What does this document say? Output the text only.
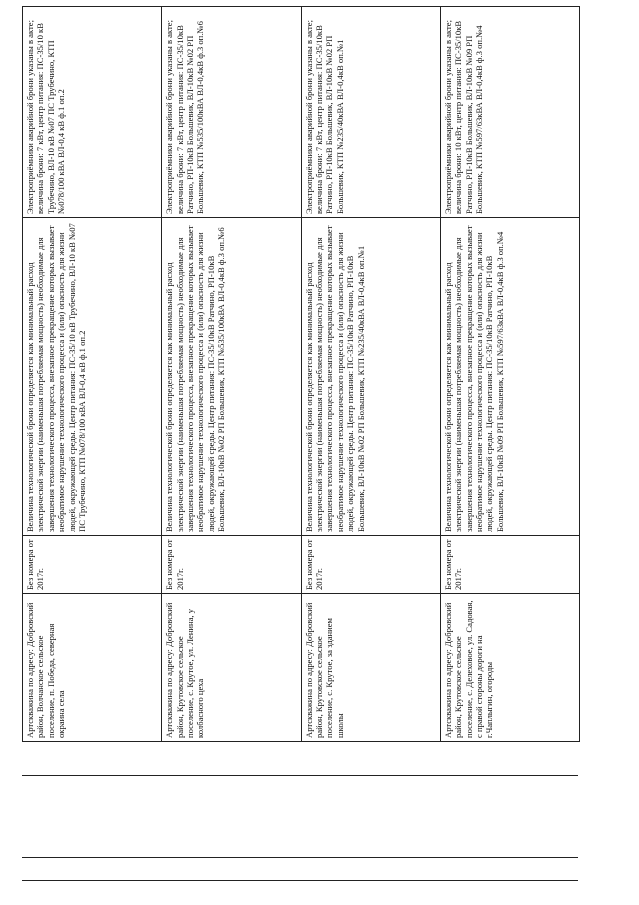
Артскважина по адресу: Добровский район, Волчанское сельское поселение, п. Победа, северная окраина села	Без номера от 2017г.	Величина технологической брони определяется как минимальный расход электрической энергии (наименьшая потребляемая мощность) необходимые для завершения технологического процесса, внезапное прекращение которых вызывает необратимое нарушение технологического процесса и (или) опасность для жизни людей, окружающей среды. Центр питания: ПС-35/10 кВ Трубечино, ВЛ-10 кВ №07 ПС Трубечино, КТП №078/100 кВА ВЛ-0,4 кВ ф.1 оп.2	Электроприёмники аварийной брони указаны в акте; величина брони: 7 кВт, центр питания: ПС-35/10 кВ Трубечино, ВЛ-10 кВ №07 ПС Трубечино, КТП №078/100 кВА ВЛ-0,4 кВ ф.1 оп.2
Артскважина по адресу: Добровский район, Крутовское сельское поселение, с. Крутое, ул. Ленина, у колбасного цеха	Без номера от 2017г.	Величина технологической брони определяется как минимальный расход электрической энергии (наименьшая потребляемая мощность) необходимые для завершения технологического процесса, внезапное прекращение которых вызывает необратимое нарушение технологического процесса и (или) опасность для жизни людей, окружающей среды. Центр питания: ПС-35/10кВ Ратчино, РП-10кВ Большевик, ВЛ-10кВ №02 РП Большевик, КТП №535/100кВА ВЛ-0,4кВ ф.3 оп.№6	Электроприёмники аварийной брони указаны в акте; величина брони: 7 кВт, центр питания: ПС-35/10кВ Ратчино, РП-10кВ Большевик, ВЛ-10кВ №02 РП Большевик, КТП №535/100кВА ВЛ-0,4кВ ф.3 оп.№6
Артскважина по адресу: Добровский район, Крутовское сельское поселение, с. Крутое, за зданием школы	Без номера от 2017г.	Величина технологической брони определяется как минимальный расход электрической энергии (наименьшая потребляемая мощность) необходимые для завершения технологического процесса, внезапное прекращение которых вызывает необратимое нарушение технологического процесса и (или) опасность для жизни людей, окружающей среды. Центр питания: ПС-35/10кВ Ратчино, РП-10кВ Большевик, ВЛ-10кВ №02 РП Большевик, КТП №235/40кВА ВЛ-0,4кВ оп.№1	Электроприёмники аварийной брони указаны в акте; величина брони: 7 кВт, центр питания: ПС-35/10кВ Ратчино, РП-10кВ Большевик, ВЛ-10кВ №02 РП Большевик, КТП №235/40кВА ВЛ-0,4кВ оп.№1
Артскважина по адресу: Добровский район, Крутовское сельское поселение, с. Делеховое, ул. Садовая, с правой стороны дороги на г.Чаплыгин, огороды	Без номера от 2017г.	Величина технологической брони определяется как минимальный расход электрической энергии (наименьшая потребляемая мощность) необходимые для завершения технологического процесса, внезапное прекращение которых вызывает необратимое нарушение технологического процесса и (или) опасность для жизни людей, окружающей среды. Центр питания: ПС-35/10кВ Ратчино, РП-10кВ Большевик, ВЛ-10кВ №09 РП Большевик, КТП №597/63кВА ВЛ-0,4кВ ф.3 оп.№4	Электроприёмники аварийной брони указаны в акте; величина брони: 10 кВт, центр питания: ПС-35/10кВ Ратчино, РП-10кВ Большевик, ВЛ-10кВ №09 РП Большевик, КТП №597/63кВА ВЛ-0,4кВ ф.3 оп.№4
